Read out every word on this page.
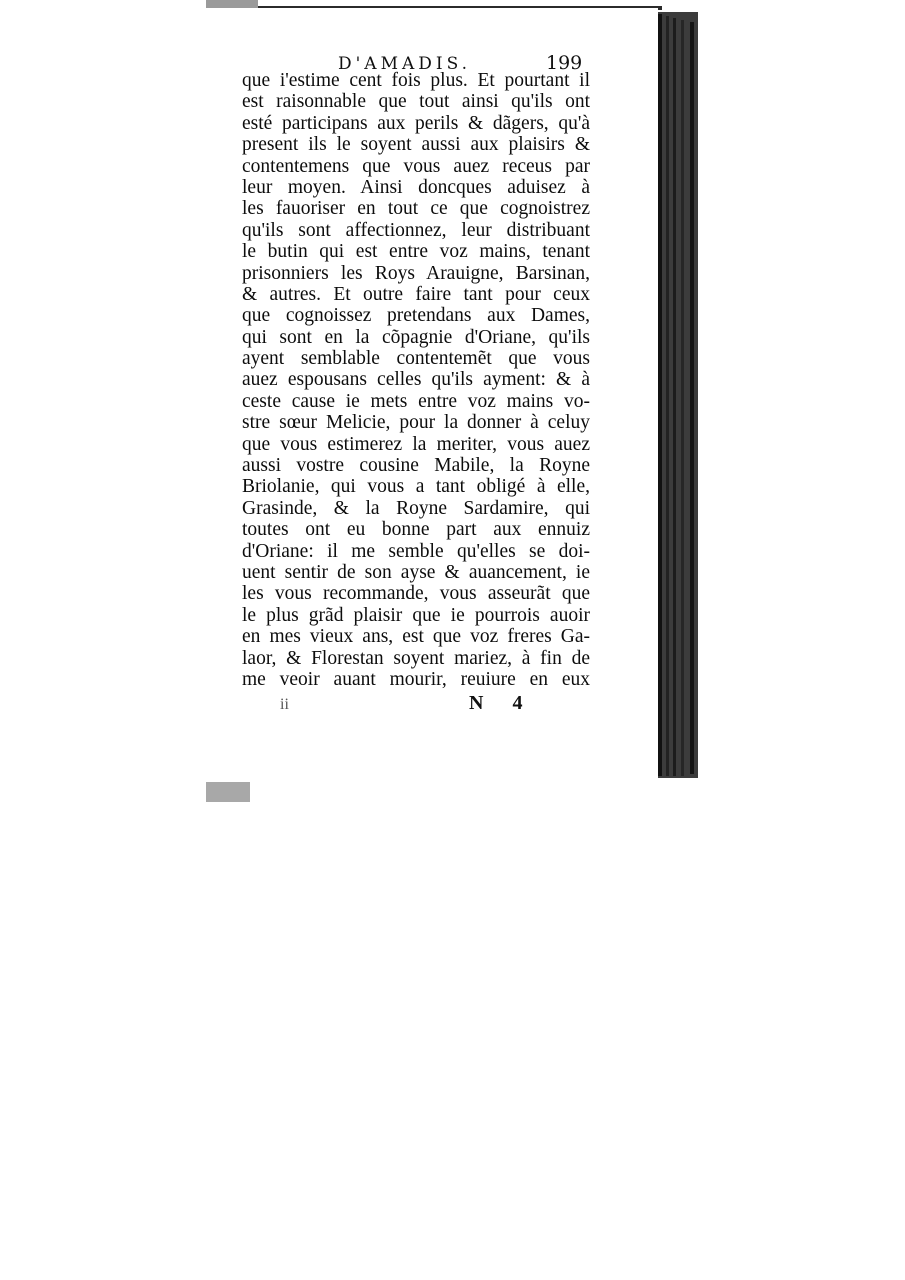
D'AMADIS.	199
que i'estime cent fois plus. Et pourtant il
est raisonnable que tout ainsi qu'ils ont
esté participans aux perils & dãgers, qu'à
present ils le soyent aussi aux plaisirs &
contentemens que vous auez receus par
leur moyen. Ainsi doncques aduisez à
les fauoriser en tout ce que cognoistrez
qu'ils sont affectionnez, leur distribuant
le butin qui est entre voz mains, tenant
prisonniers les Roys Arauigne, Barsinan,
& autres. Et outre faire tant pour ceux
que cognoissez pretendans aux Dames,
qui sont en la cõpagnie d'Oriane, qu'ils
ayent semblable contentemẽt que vous
auez espousans celles qu'ils ayment: & à
ceste cause ie mets entre voz mains vo-
stre sœur Melicie, pour la donner à celuy
que vous estimerez la meriter, vous auez
aussi vostre cousine Mabile, la Royne
Briolanie, qui vous a tant obligé à elle,
Grasinde, & la Royne Sardamire, qui
toutes ont eu bonne part aux ennuiz
d'Oriane: il me semble qu'elles se doi-
uent sentir de son ayse & auancement, ie
les vous recommande, vous asseurãt que
le plus grãd plaisir que ie pourrois auoir
en mes vieux ans, est que voz freres Ga-
laor, & Florestan soyent mariez, à fin de
me veoir auant mourir, reuiure en eux
ii	N 4
